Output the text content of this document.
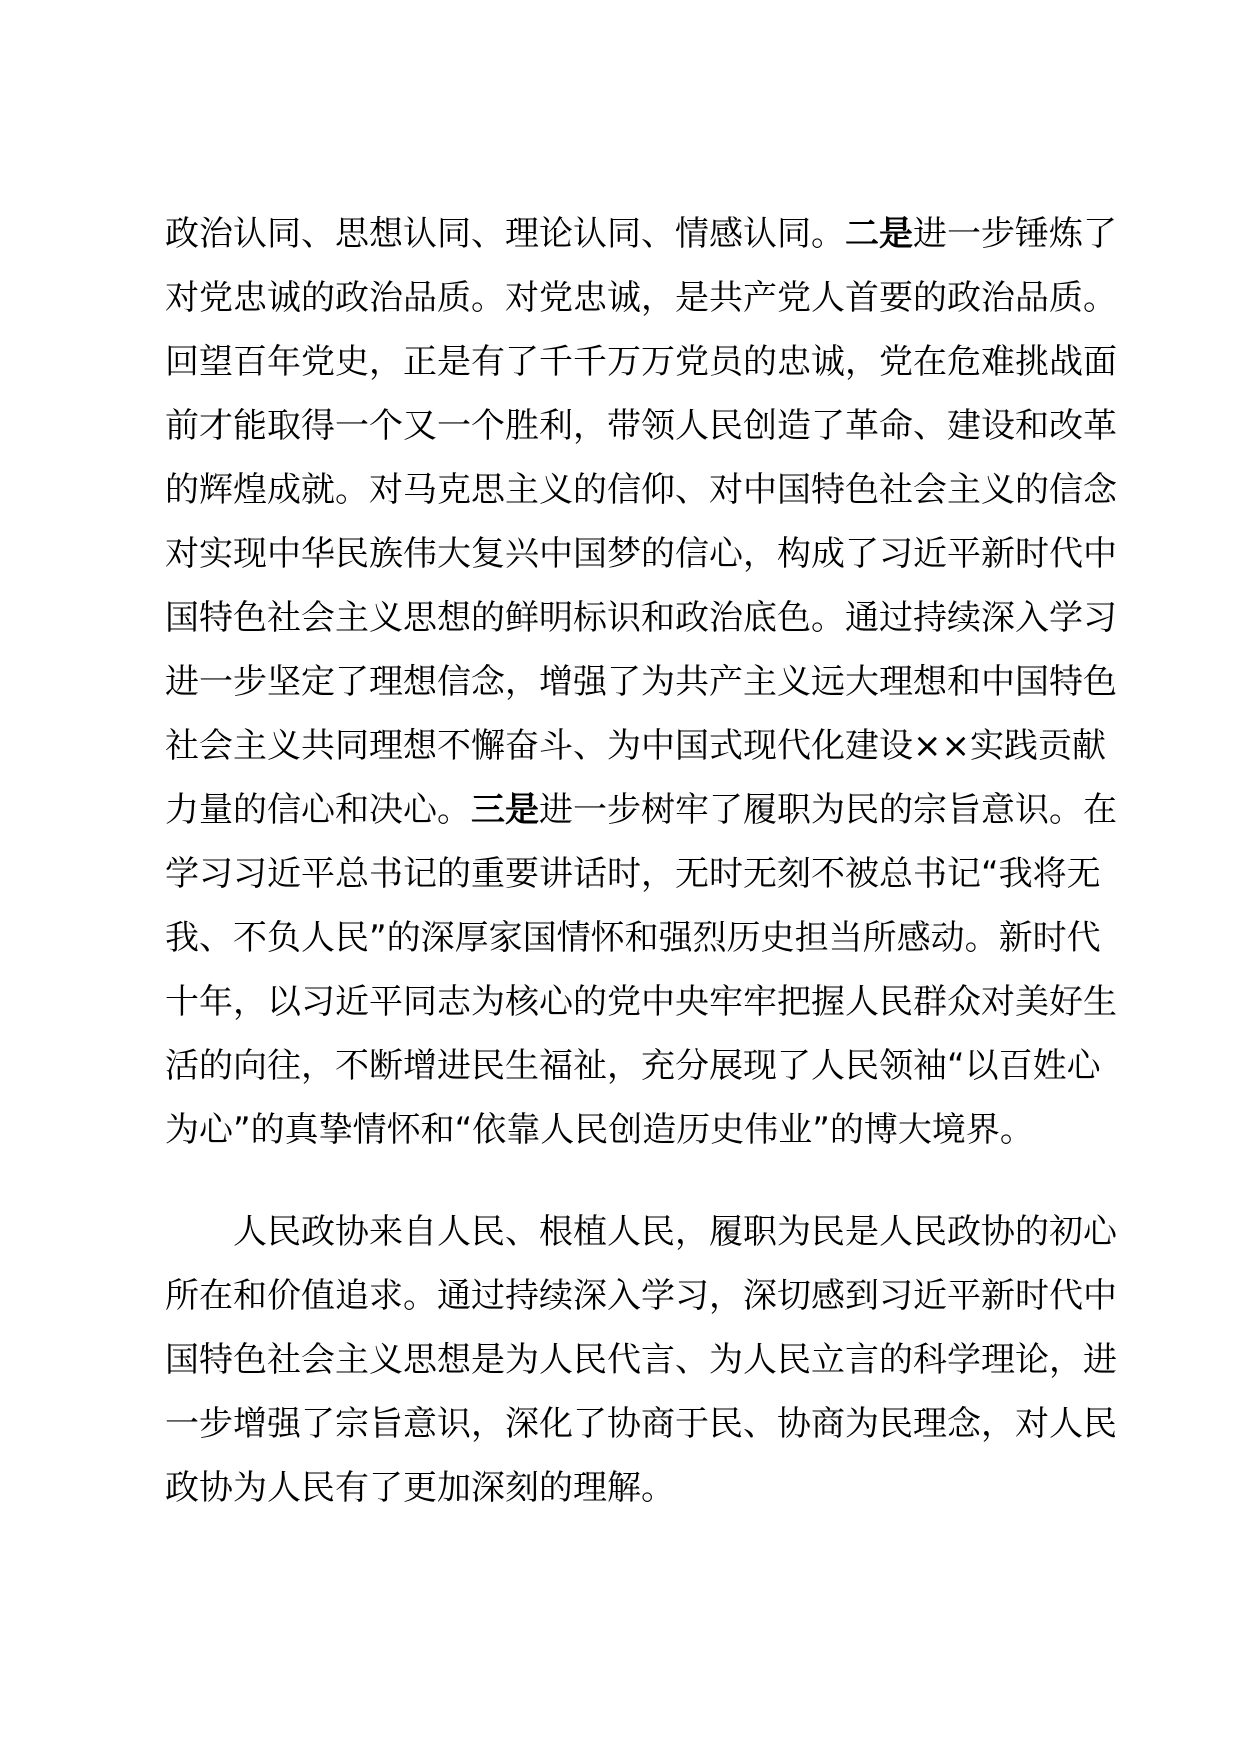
政治认同、思想认同、理论认同、情感认同。二是进一步锤炼了
对党忠诚的政治品质。对党忠诚，是共产党人首要的政治品质。
回望百年党史，正是有了千千万万党员的忠诚，党在危难挑战面
前才能取得一个又一个胜利，带领人民创造了革命、建设和改革
的辉煌成就。对马克思主义的信仰、对中国特色社会主义的信念
对实现中华民族伟大复兴中国梦的信心，构成了习近平新时代中
国特色社会主义思想的鲜明标识和政治底色。通过持续深入学习
进一步坚定了理想信念，增强了为共产主义远大理想和中国特色
社会主义共同理想不懈奋斗、为中国式现代化建设××实践贡献
力量的信心和决心。三是进一步树牢了履职为民的宗旨意识。在
学习习近平总书记的重要讲话时，无时无刻不被总书记“我将无
我、不负人民”的深厚家国情怀和强烈历史担当所感动。新时代
十年，以习近平同志为核心的党中央牢牢把握人民群众对美好生
活的向往，不断增进民生福祉，充分展现了人民领袖“以百姓心
为心”的真挚情怀和“依靠人民创造历史伟业”的博大境界。
人民政协来自人民、根植人民，履职为民是人民政协的初心
所在和价值追求。通过持续深入学习，深切感到习近平新时代中
国特色社会主义思想是为人民代言、为人民立言的科学理论，进
一步增强了宗旨意识，深化了协商于民、协商为民理念，对人民
政协为人民有了更加深刻的理解。
